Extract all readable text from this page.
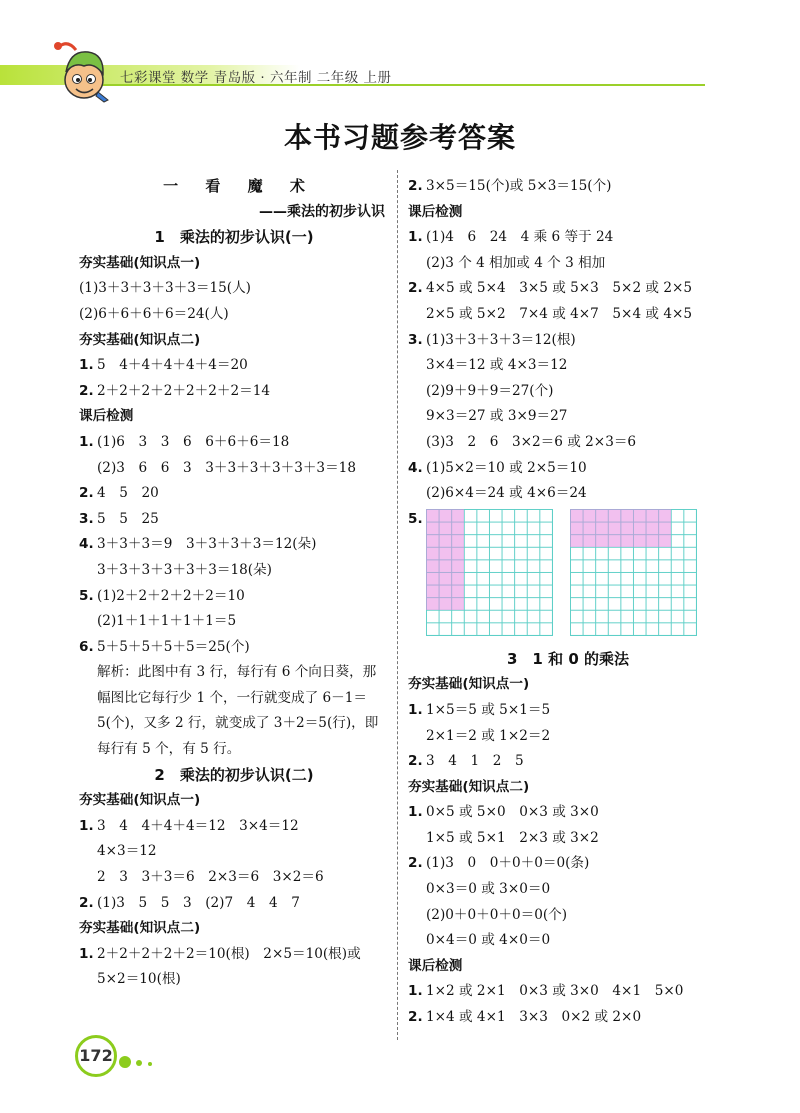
七彩课堂 数学 青岛版 · 六年制 二年级 上册
本书习题参考答案
一 看 魔 术
——乘法的初步认识
1　乘法的初步认识(一)
夯实基础(知识点一)
(1)3＋3＋3＋3＋3＝15(人)
(2)6＋6＋6＋6＝24(人)
夯实基础(知识点二)
1. 5　4＋4＋4＋4＋4＝20
2. 2＋2＋2＋2＋2＋2＋2＝14
课后检测
1. (1)6　3　3　6　6＋6＋6＝18
(2)3　6　6　3　3＋3＋3＋3＋3＋3＝18
2. 4　5　20
3. 5　5　25
4. 3＋3＋3＝9　3＋3＋3＋3＝12(朵)
3＋3＋3＋3＋3＋3＝18(朵)
5. (1)2＋2＋2＋2＋2＝10
(2)1＋1＋1＋1＋1＝5
6. 5＋5＋5＋5＋5＝25(个)
解析：此图中有 3 行，每行有 6 个向日葵，那
幅图比它每行少 1 个，一行就变成了 6－1＝
5(个)，又多 2 行，就变成了 3＋2＝5(行)，即
每行有 5 个，有 5 行。
2　乘法的初步认识(二)
夯实基础(知识点一)
1. 3　4　4＋4＋4＝12　3×4＝12
4×3＝12
2　3　3＋3＝6　2×3＝6　3×2＝6
2. (1)3　5　5　3　(2)7　4　4　7
夯实基础(知识点二)
1. 2＋2＋2＋2＋2＝10(根)　2×5＝10(根)或
5×2＝10(根)
2. 3×5＝15(个)或 5×3＝15(个)
课后检测
1. (1)4　6　24　4 乘 6 等于 24
(2)3 个 4 相加或 4 个 3 相加
2. 4×5 或 5×4　3×5 或 5×3　5×2 或 2×5
2×5 或 5×2　7×4 或 4×7　5×4 或 4×5
3. (1)3＋3＋3＋3＝12(根)
3×4＝12 或 4×3＝12
(2)9＋9＋9＝27(个)
9×3＝27 或 3×9＝27
(3)3　2　6　3×2＝6 或 2×3＝6
4. (1)5×2＝10 或 2×5＝10
(2)6×4＝24 或 4×6＝24
5.
3　1 和 0 的乘法
夯实基础(知识点一)
1. 1×5＝5 或 5×1＝5
2×1＝2 或 1×2＝2
2. 3　4　1　2　5
夯实基础(知识点二)
1. 0×5 或 5×0　0×3 或 3×0
1×5 或 5×1　2×3 或 3×2
2. (1)3　0　0＋0＋0＝0(条)
0×3＝0 或 3×0＝0
(2)0＋0＋0＋0＝0(个)
0×4＝0 或 4×0＝0
课后检测
1. 1×2 或 2×1　0×3 或 3×0　4×1　5×0
2. 1×4 或 4×1　3×3　0×2 或 2×0
172
